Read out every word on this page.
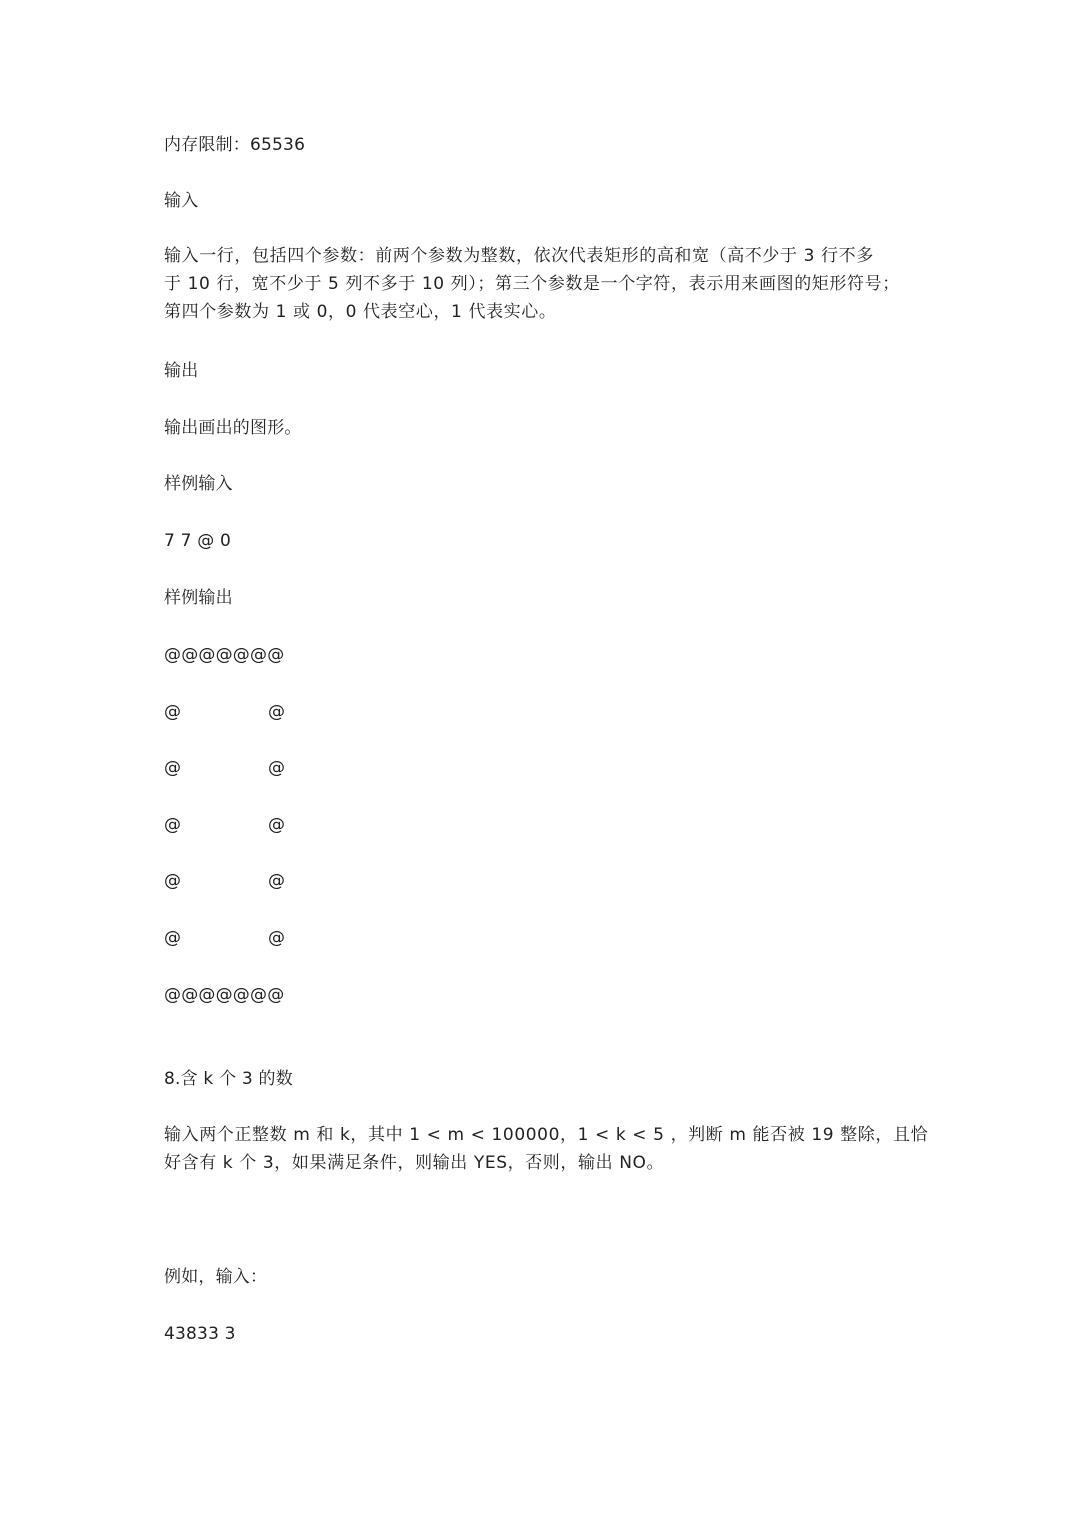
内存限制：65536
输入
输入一行，包括四个参数：前两个参数为整数，依次代表矩形的高和宽（高不少于 3 行不多
于 10 行，宽不少于 5 列不多于 10 列）；第三个参数是一个字符，表示用来画图的矩形符号；
第四个参数为 1 或 0，0 代表空心，1 代表实心。
输出
输出画出的图形。
样例输入
7 7 @ 0
样例输出
@@@@@@@
@	@
@	@
@	@
@	@
@	@
@@@@@@@
8.含 k 个 3 的数
输入两个正整数 m 和 k，其中 1 < m < 100000，1 < k < 5 ，判断 m 能否被 19 整除，且恰
好含有 k 个 3，如果满足条件，则输出 YES，否则，输出 NO。
例如，输入：
43833 3
